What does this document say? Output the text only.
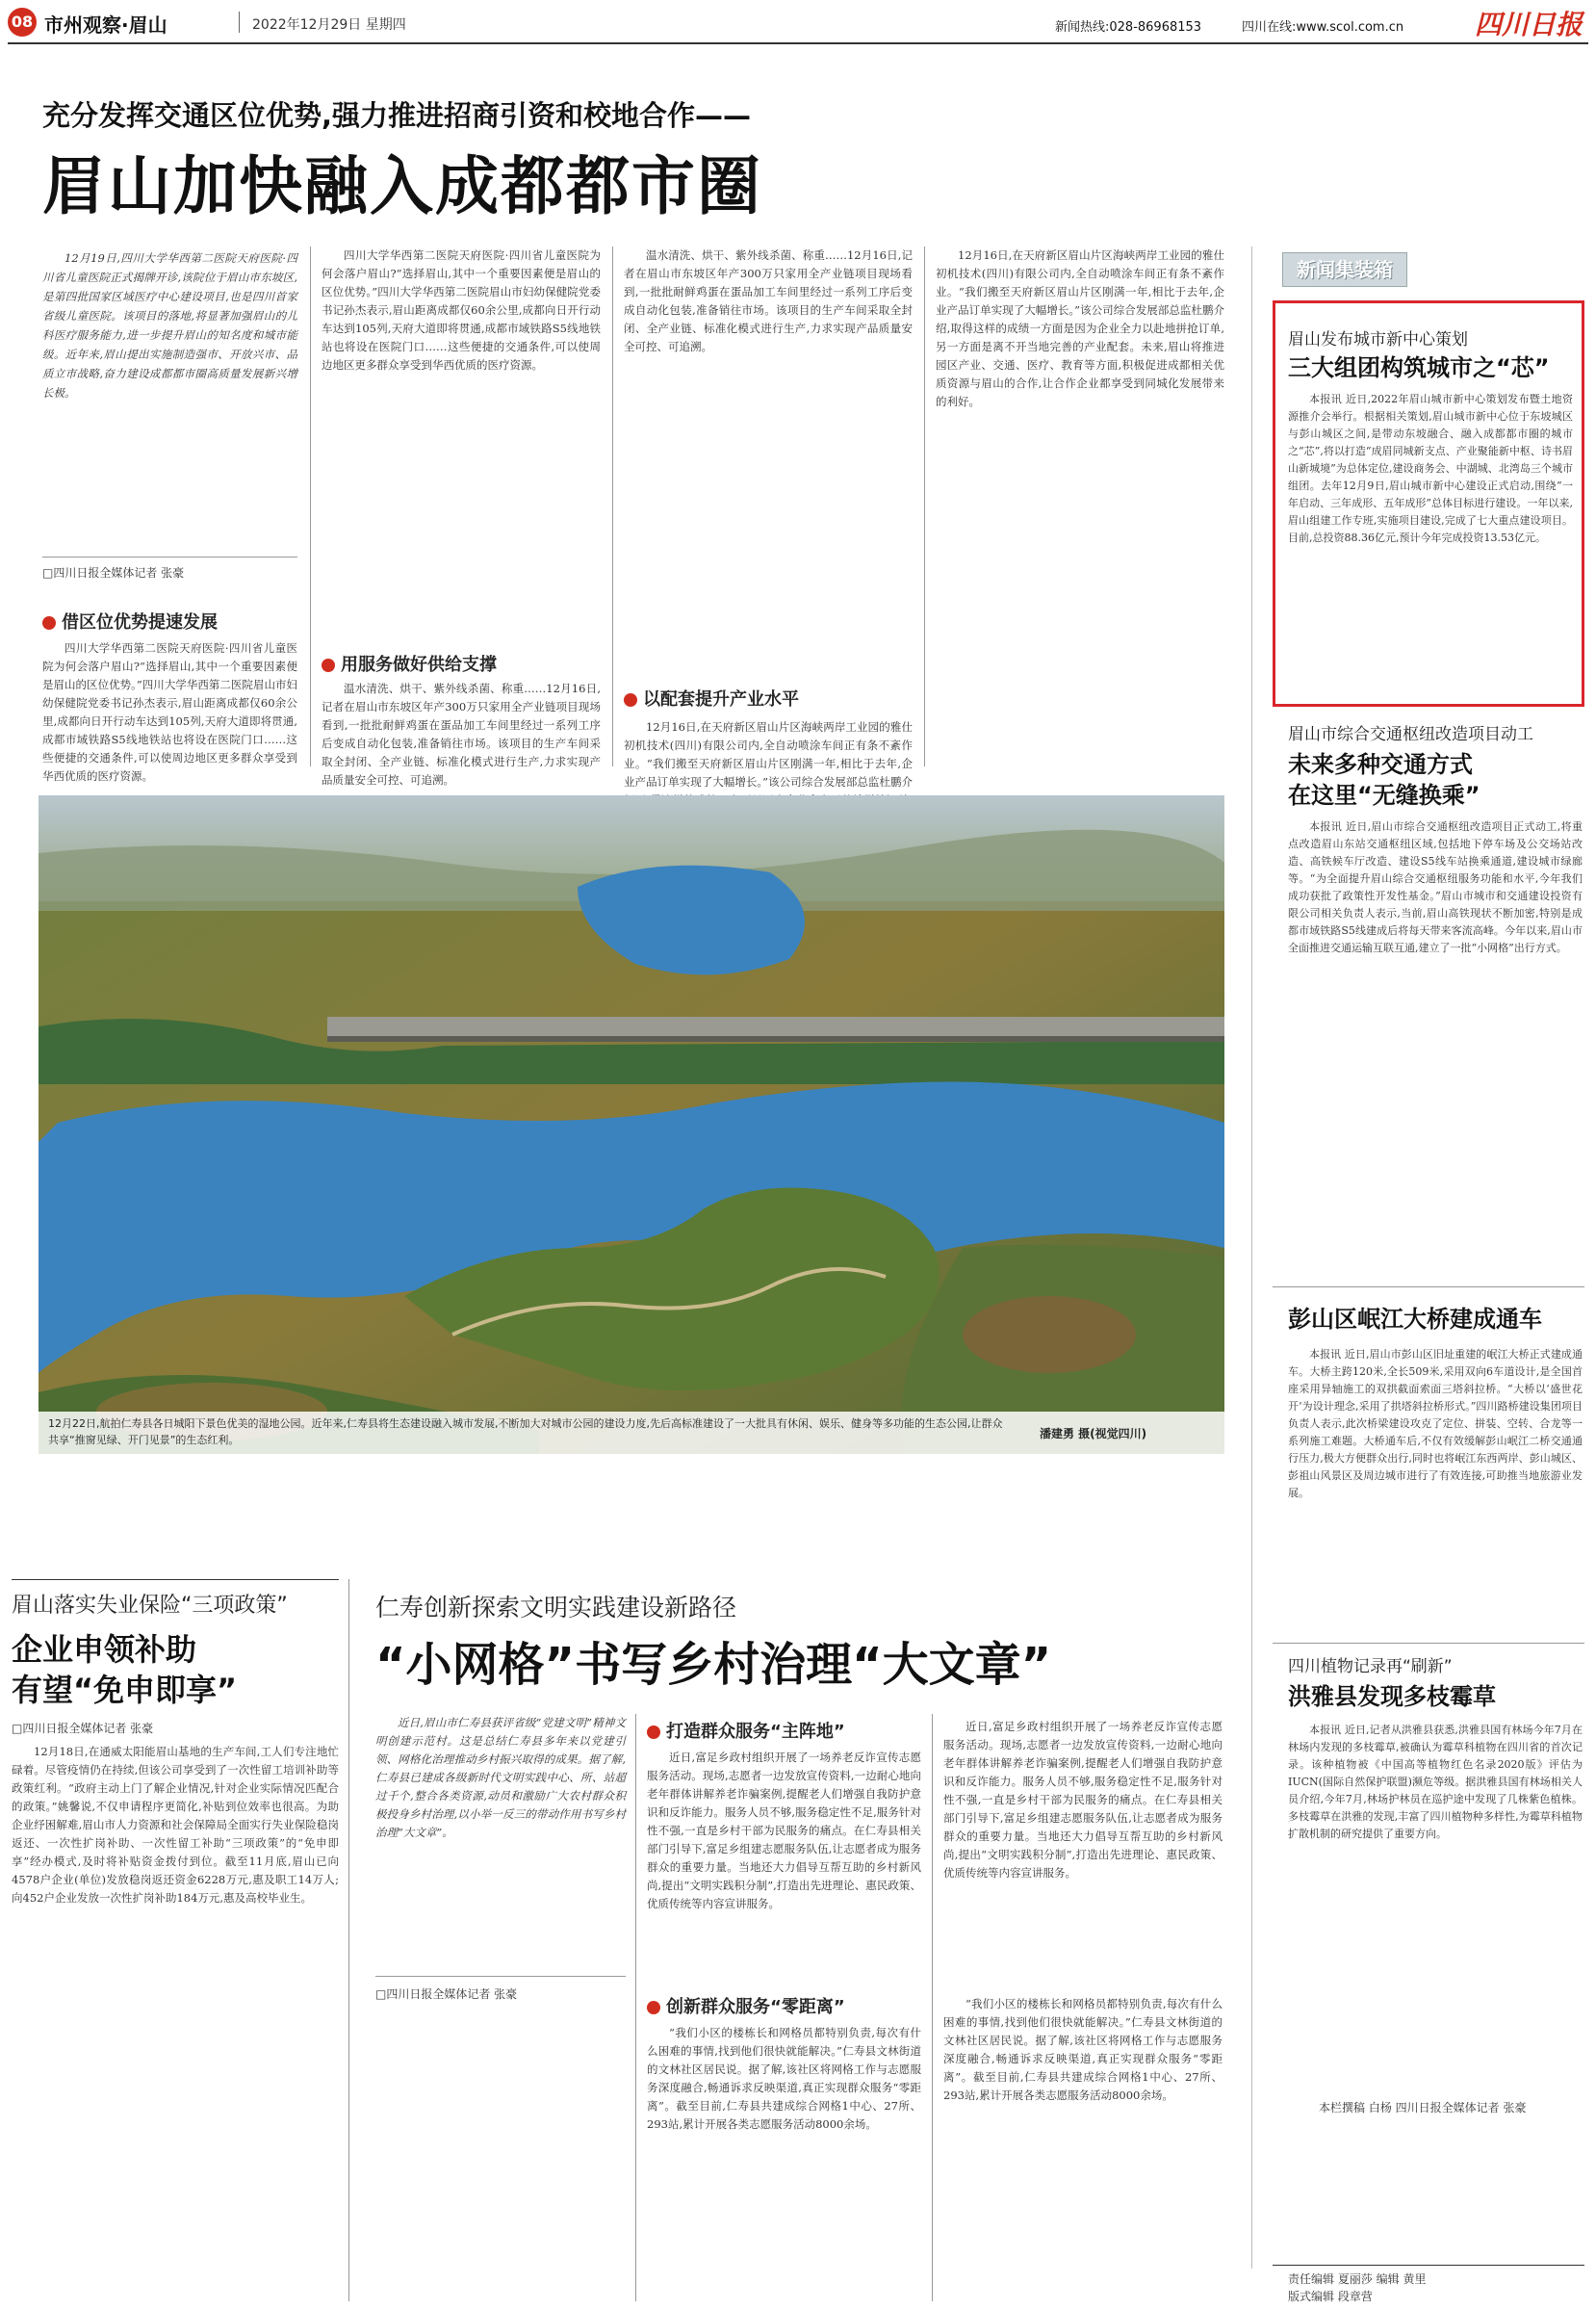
08 市州观察·眉山	2022年12月29日 星期四	新闻热线:028-86968153	四川在线:www.scol.com.cn	四川日报
充分发挥交通区位优势,强力推进招商引资和校地合作——
眉山加快融入成都都市圈

12月19日,四川大学华西第二医院天府医院·四川省儿童医院正式揭牌开诊,该院位于眉山市东坡区,是第四批国家区域医疗中心建设项目,也是四川首家省级儿童医院。该项目的落地,将显著加强眉山的儿科医疗服务能力,进一步提升眉山的知名度和城市能级。近年来,眉山提出实施制造强市、开放兴市、品质立市战略,奋力建设成都都市圈高质量发展新兴增长极。

□四川日报全媒体记者 张豪
借区位优势提速发展

四川大学华西第二医院天府医院·四川省儿童医院为何会落户眉山?“选择眉山,其中一个重要因素便是眉山的区位优势。”四川大学华西第二医院眉山市妇幼保健院党委书记孙杰表示,眉山距离成都仅60余公里,成都向日开行动车达到105列,天府大道即将贯通,成都市域铁路S5线地铁站也将设在医院门口……这些便捷的交通条件,可以使周边地区更多群众享受到华西优质的医疗资源。

四川大学华西第二医院天府医院·四川省儿童医院为何会落户眉山?“选择眉山,其中一个重要因素便是眉山的区位优势。”四川大学华西第二医院眉山市妇幼保健院党委书记孙杰表示,眉山距离成都仅60余公里,成都向日开行动车达到105列,天府大道即将贯通,成都市域铁路S5线地铁站也将设在医院门口……这些便捷的交通条件,可以使周边地区更多群众享受到华西优质的医疗资源。

用服务做好供给支撑

温水清洗、烘干、紫外线杀菌、称重……12月16日,记者在眉山市东坡区年产300万只家用全产业链项目现场看到,一批批耐鲜鸡蛋在蛋品加工车间里经过一系列工序后变成自动化包装,准备销往市场。该项目的生产车间采取全封闭、全产业链、标准化模式进行生产,力求实现产品质量安全可控、可追溯。

温水清洗、烘干、紫外线杀菌、称重……12月16日,记者在眉山市东坡区年产300万只家用全产业链项目现场看到,一批批耐鲜鸡蛋在蛋品加工车间里经过一系列工序后变成自动化包装,准备销往市场。该项目的生产车间采取全封闭、全产业链、标准化模式进行生产,力求实现产品质量安全可控、可追溯。

以配套提升产业水平

12月16日,在天府新区眉山片区海峡两岸工业园的雅仕初机技术(四川)有限公司内,全自动喷涂车间正有条不紊作业。“我们搬至天府新区眉山片区刚满一年,相比于去年,企业产品订单实现了大幅增长。”该公司综合发展部总监杜鹏介

12月16日,在天府新区眉山片区海峡两岸工业园的雅仕初机技术(四川)有限公司内,全自动喷涂车间正有条不紊作业。“我们搬至天府新区眉山片区刚满一年,相比于去年,企业产品订单实现了大幅增长。”该公司综合发展部总监杜鹏介绍,取得这样的成绩一方面是因为企业全力以赴地拼抢订单,另一方面是离不开当地完善的产业配套。未来,眉山将推进园区产业、交通、医疗、教育等方面,积极促进成都相关优质资源与眉山的合作,让合作企业都享受到同城化发展带来的利好。

12月22日,航拍仁寿县各日城阳下景色优美的湿地公园。近年来,仁寿县将生态建设融入城市发展,不断加大对城市公园的建设力度,先后高标准建设了一大批具有休闲、娱乐、健身等多功能的生态公园,让群众共享“推窗见绿、开门见景”的生态红利。	潘建勇 摄(视觉四川)
眉山落实失业保险“三项政策”
企业申领补助
有望“免申即享”
□四川日报全媒体记者 张豪

12月18日,在通威太阳能眉山基地的生产车间,工人们专注地忙碌着。尽管疫情仍在持续,但该公司享受到了一次性留工培训补助等政策红利。“政府主动上门了解企业情况,针对企业实际情况匹配合的政策。”姚馨说,不仅申请程序更简化,补贴到位效率也很高。为助企业纾困解难,眉山市人力资源和社会保障局全面实行失业保险稳岗返还、一次性扩岗补助、一次性留工补助“三项政策”的“免申即享”经办模式,及时将补贴资金拨付到位。截至11月底,眉山已向4578户企业(单位)发放稳岗返还资金6228万元,惠及职工14万人;向452户企业发放一次性扩岗补助184万元,惠及高校毕业生。

仁寿创新探索文明实践建设新路径
“小网格”书写乡村治理“大文章”

近日,眉山市仁寿县获评省级“党建文明”精神文明创建示范村。这是总结仁寿县多年来以党建引领、网格化治理推动乡村振兴取得的成果。据了解,仁寿县已建成各级新时代文明实践中心、所、站超过千个,整合各类资源,动员和激励广大农村群众积极投身乡村治理,以小举一反三的带动作用书写乡村治理“大文章”。

□四川日报全媒体记者 张豪
打造群众服务“主阵地”

近日,富足乡政村组织开展了一场养老反诈宣传志愿服务活动。现场,志愿者一边发放宣传资料,一边耐心地向老年群体讲解养老诈骗案例,提醒老人们增强自我防护意识和反诈能力。服务人员不够,服务稳定性不足,服务针对性不强,一直是乡村干部为民服务的痛点。在仁寿县相关部门引导下,富足乡组建志愿服务队伍,让志愿者成为服务群众的重要力量。当地还大力倡导互帮互助的乡村新风尚,提出“文明实践积分制”,打造出先进理论、惠民政策、优质传统等内容宣讲服务。

创新群众服务“零距离”

“我们小区的楼栋长和网格员都特别负责,每次有什么困难的事情,找到他们很快就能解决。”仁寿县文林街道的文林社区居民说。据了解,该社区将网格工作与志愿服务深度融合,畅通诉求反映渠道,真正实现群众服务“零距离”。截至目前,仁寿县共建成综合网格1中心、27所、293站,累计开展各类志愿服务活动8000余场。

近日,富足乡政村组织开展了一场养老反诈宣传志愿服务活动。现场,志愿者一边发放宣传资料,一边耐心地向老年群体讲解养老诈骗案例,提醒老人们增强自我防护意识和反诈能力。服务人员不够,服务稳定性不足,服务针对性不强,一直是乡村干部为民服务的痛点。在仁寿县相关部门引导下,富足乡组建志愿服务队伍,让志愿者成为服务群众的重要力量。当地还大力倡导互帮互助的乡村新风尚,提出“文明实践积分制”,打造出先进理论、惠民政策、优质传统等内容宣讲服务。

“我们小区的楼栋长和网格员都特别负责,每次有什么困难的事情,找到他们很快就能解决。”仁寿县文林街道的文林社区居民说。据了解,该社区将网格工作与志愿服务深度融合,畅通诉求反映渠道,真正实现群众服务“零距离”。截至目前,仁寿县共建成综合网格1中心、27所、293站,累计开展各类志愿服务活动8000余场。

新闻集装箱
眉山发布城市新中心策划
三大组团构筑城市之“芯”

本报讯 近日,2022年眉山城市新中心策划发布暨土地资源推介会举行。根据相关策划,眉山城市新中心位于东坡城区与彭山城区之间,是带动东坡融合、融入成都都市圈的城市之“芯”,将以打造“成眉同城新支点、产业聚能新中枢、诗书眉山新城境”为总体定位,建设商务会、中湖城、北湾岛三个城市组团。去年12月9日,眉山城市新中心建设正式启动,围绕“一年启动、三年成形、五年成形”总体目标进行建设。一年以来,眉山组建工作专班,实施项目建设,完成了七大重点建设项目。目前,总投资88.36亿元,预计今年完成投资13.53亿元。

眉山市综合交通枢纽改造项目动工
未来多种交通方式
在这里“无缝换乘”

本报讯 近日,眉山市综合交通枢纽改造项目正式动工,将重点改造眉山东站交通枢纽区域,包括地下停车场及公交场站改造、高铁候车厅改造、建设S5线车站换乘通道,建设城市绿廊等。“为全面提升眉山综合交通枢纽服务功能和水平,今年我们成功获批了政策性开发性基金。”眉山市城市和交通建设投资有限公司相关负责人表示,当前,眉山高铁现状不断加密,特别是成都市域铁路S5线建成后将每天带来客流高峰。今年以来,眉山市全面推进交通运输互联互通,建立了一批“小网格”出行方式。

彭山区岷江大桥建成通车

本报讯 近日,眉山市彭山区旧址重建的岷江大桥正式建成通车。大桥主跨120米,全长509米,采用双向6车道设计,是全国首座采用异轴施工的双拱截面索面三塔斜拉桥。“大桥以‘盛世花开’为设计理念,采用了拱塔斜拉桥形式。”四川路桥建设集团项目负责人表示,此次桥梁建设攻克了定位、拼装、空转、合龙等一系列施工难题。大桥通车后,不仅有效缓解彭山岷江二桥交通通行压力,极大方便群众出行,同时也将岷江东西两岸、彭山城区、彭祖山风景区及周边城市进行了有效连接,可助推当地旅游业发展。

四川植物记录再“刷新”
洪雅县发现多枝霉草

本报讯 近日,记者从洪雅县获悉,洪雅县国有林场今年7月在林场内发现的多枝霉草,被确认为霉草科植物在四川省的首次记录。该种植物被《中国高等植物红色名录2020版》评估为IUCN(国际自然保护联盟)濒危等级。据洪雅县国有林场相关人员介绍,今年7月,林场护林员在巡护途中发现了几株紫色植株。多枝霉草在洪雅的发现,丰富了四川植物种多样性,为霉草科植物扩散机制的研究提供了重要方向。

本栏撰稿 白杨 四川日报全媒体记者 张豪
责任编辑 夏丽莎 编辑 黄里
版式编辑 段章营
